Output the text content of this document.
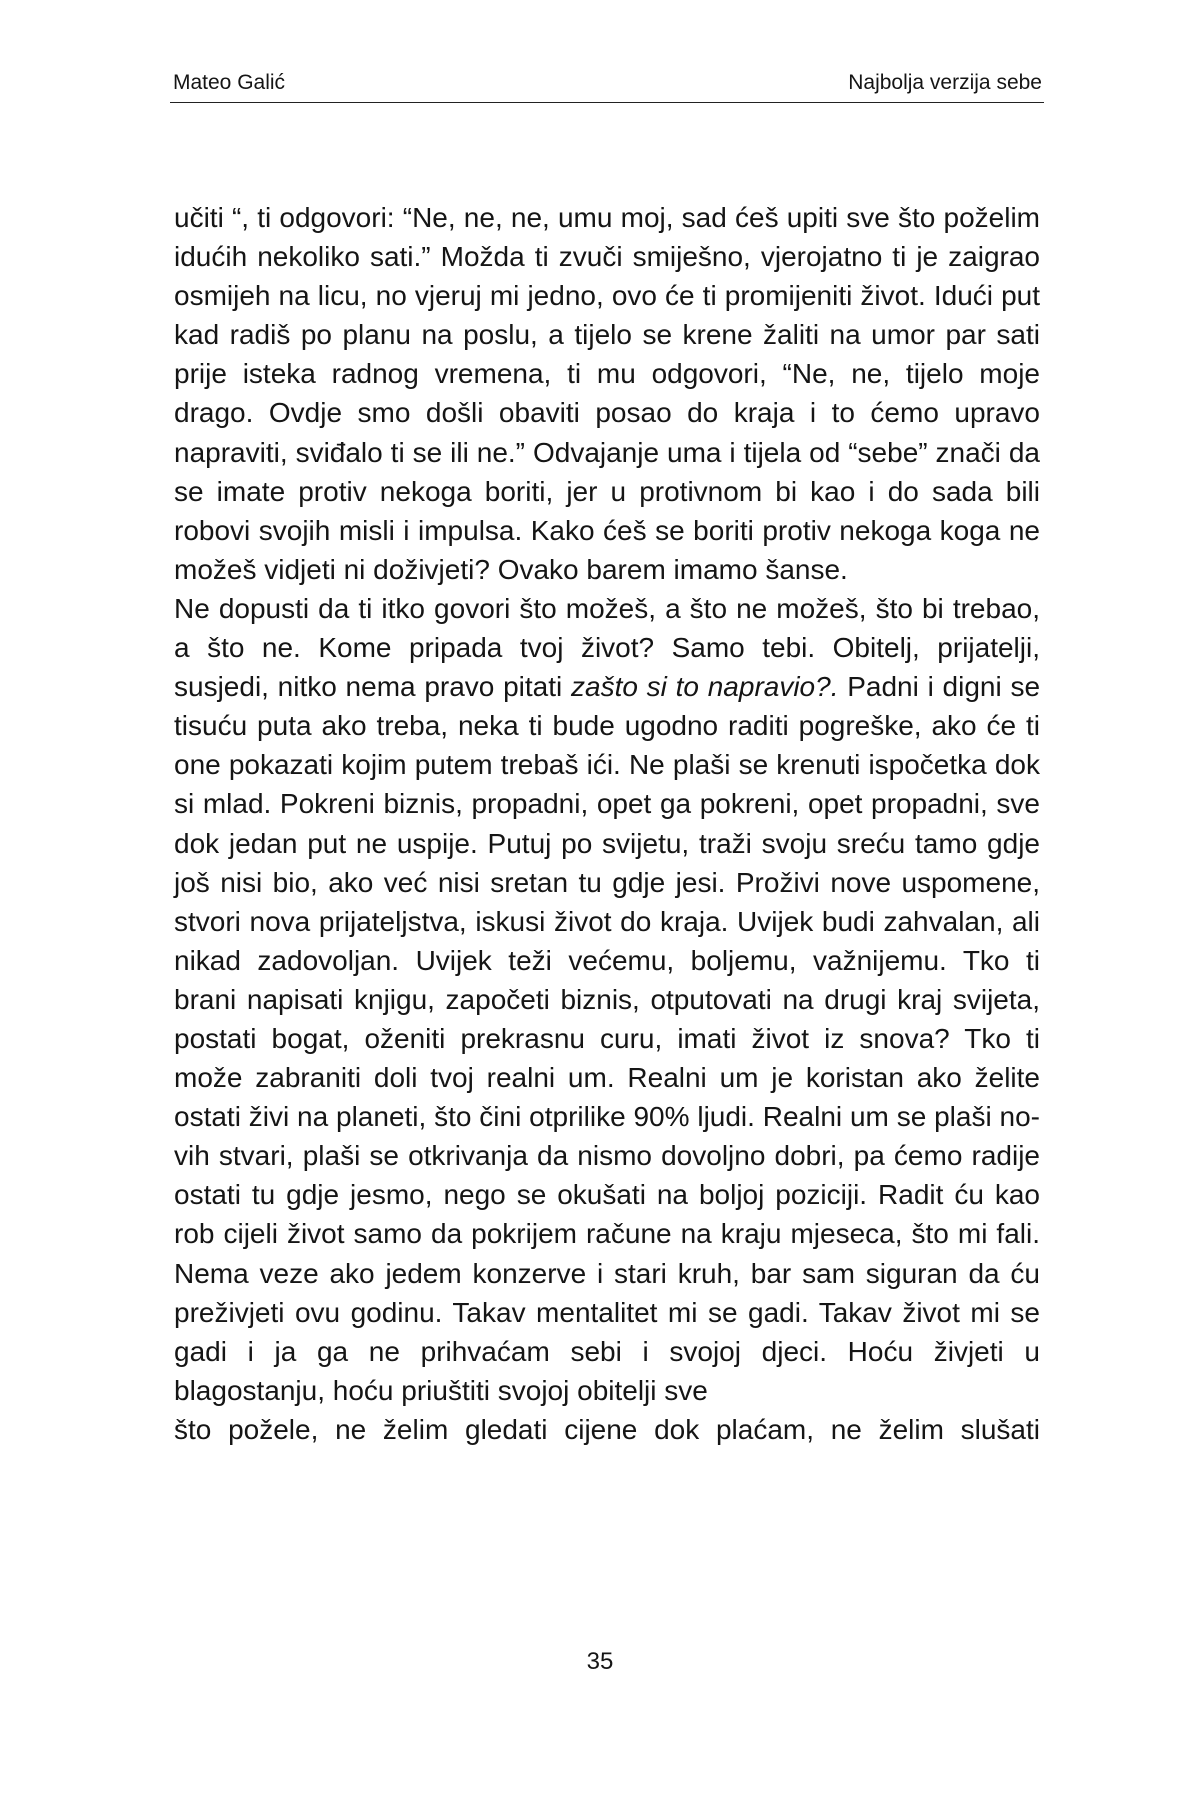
Mateo Galić	Najbolja verzija sebe

učiti “, ti odgovori: “Ne, ne, ne, umu moj, sad ćeš upiti sve što poželim idućih nekoliko sati.” Možda ti zvuči smiješno, vjerojatno ti je zaigrao osmijeh na licu, no vjeruj mi jedno, ovo će ti promijeniti život. Idući put kad radiš po planu na poslu, a tijelo se krene žaliti na umor par sati prije isteka radnog vremena, ti mu odgovori, “Ne, ne, tijelo moje drago. Ovdje smo došli obaviti posao do kraja i to ćemo upravo napraviti, sviđalo ti se ili ne.” Odvajanje uma i tijela od “sebe” znači da se imate protiv nekoga boriti, jer u protivnom bi kao i do sada bili robovi svojih misli i impulsa. Kako ćeš se boriti protiv nekoga koga ne možeš vidjeti ni doživjeti? Ovako barem imamo šanse.

Ne dopusti da ti itko govori što možeš, a što ne možeš, što bi trebao, a što ne. Kome pripada tvoj život? Samo tebi. Obitelj, prijatelji, susjedi, nitko nema pravo pitati zašto si to napravio?. Padni i digni se tisuću puta ako treba, neka ti bude ugodno raditi pogreške, ako će ti one pokazati kojim putem trebaš ići. Ne plaši se krenuti ispočetka dok si mlad. Pokreni biznis, propadni, opet ga pokreni, opet propadni, sve dok jedan put ne uspije. Putuj po svijetu, traži svoju sreću tamo gdje još nisi bio, ako već nisi sretan tu gdje jesi. Proživi nove uspomene, stvori nova prijateljstva, iskusi život do kraja. Uvijek budi zahvalan, ali nikad zadovoljan. Uvijek teži većemu, boljemu, važnijemu. Tko ti brani napisati knjigu, započeti biznis, otputovati na drugi kraj svijeta, postati bogat, oženiti prekrasnu curu, imati život iz snova? Tko ti može zabraniti doli tvoj realni um. Realni um je koristan ako želite ostati živi na planeti, što čini otprilike 90% ljudi. Realni um se plaši novih stvari, plaši se otkrivanja da nismo dovoljno dobri, pa ćemo radije ostati tu gdje jesmo, nego se okušati na boljoj poziciji. Radit ću kao rob cijeli život samo da pokrijem račune na kraju mjeseca, što mi fali. Nema veze ako jedem konzerve i stari kruh, bar sam siguran da ću preživjeti ovu godinu. Takav mentalitet mi se gadi. Takav život mi se gadi i ja ga ne prihvaćam sebi i svojoj djeci. Hoću živjeti u blagostanju, hoću priuštiti svojoj obitelji sve
što požele, ne želim gledati cijene dok plaćam, ne želim slušati

35
